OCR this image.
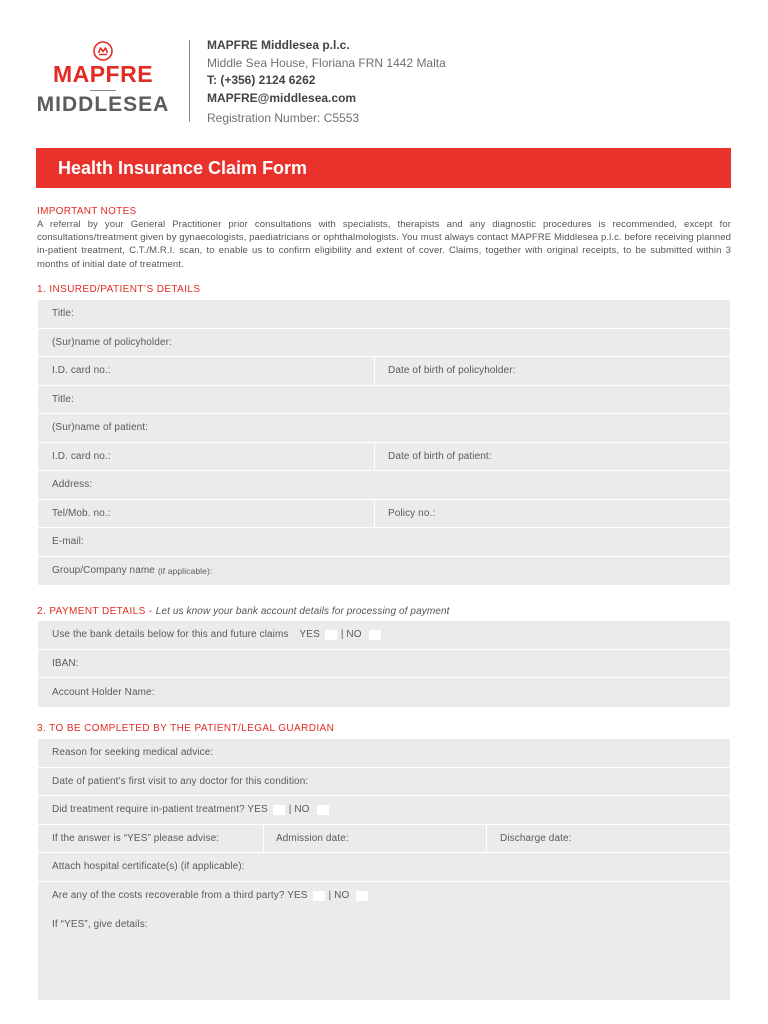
MAPFRE
MIDDLESEA
MAPFRE Middlesea p.l.c.
Middle Sea House, Floriana FRN 1442 Malta
T: (+356) 2124 6262
MAPFRE@middlesea.com
Registration Number: C5553
Health Insurance Claim Form
IMPORTANT NOTES
A referral by your General Practitioner prior consultations with specialists, therapists and any diagnostic procedures is recommended, except for consultations/treatment given by gynaecologists, paediatricians or ophthalmologists. You must always contact MAPFRE Middlesea p.l.c. before receiving planned in-patient treatment, C.T./M.R.I. scan, to enable us to confirm eligibility and extent of cover. Claims, together with original receipts, to be submitted within 3 months of initial date of treatment.
1. INSURED/PATIENT’S DETAILS
Title:
(Sur)name of policyholder:
I.D. card no.:	Date of birth of policyholder:
Title:
(Sur)name of patient:
I.D. card no.:	Date of birth of patient:
Address:
Tel/Mob. no.:	Policy no.:
E-mail:
Group/Company name
(if applicable):
2. PAYMENT DETAILS - Let us know your bank account details for processing of payment
Use the bank details below for this and future claims YES | NO
IBAN:
Account Holder Name:
3. TO BE COMPLETED BY THE PATIENT/LEGAL GUARDIAN
Reason for seeking medical advice:
Date of patient’s first visit to any doctor for this condition:
Did treatment require in-patient treatment? YES | NO
If the answer is “YES” please advise:	Admission date:	Discharge date:
Attach hospital certificate(s) (if applicable):
Are any of the costs recoverable from a third party? YES | NO
If “YES”, give details:
